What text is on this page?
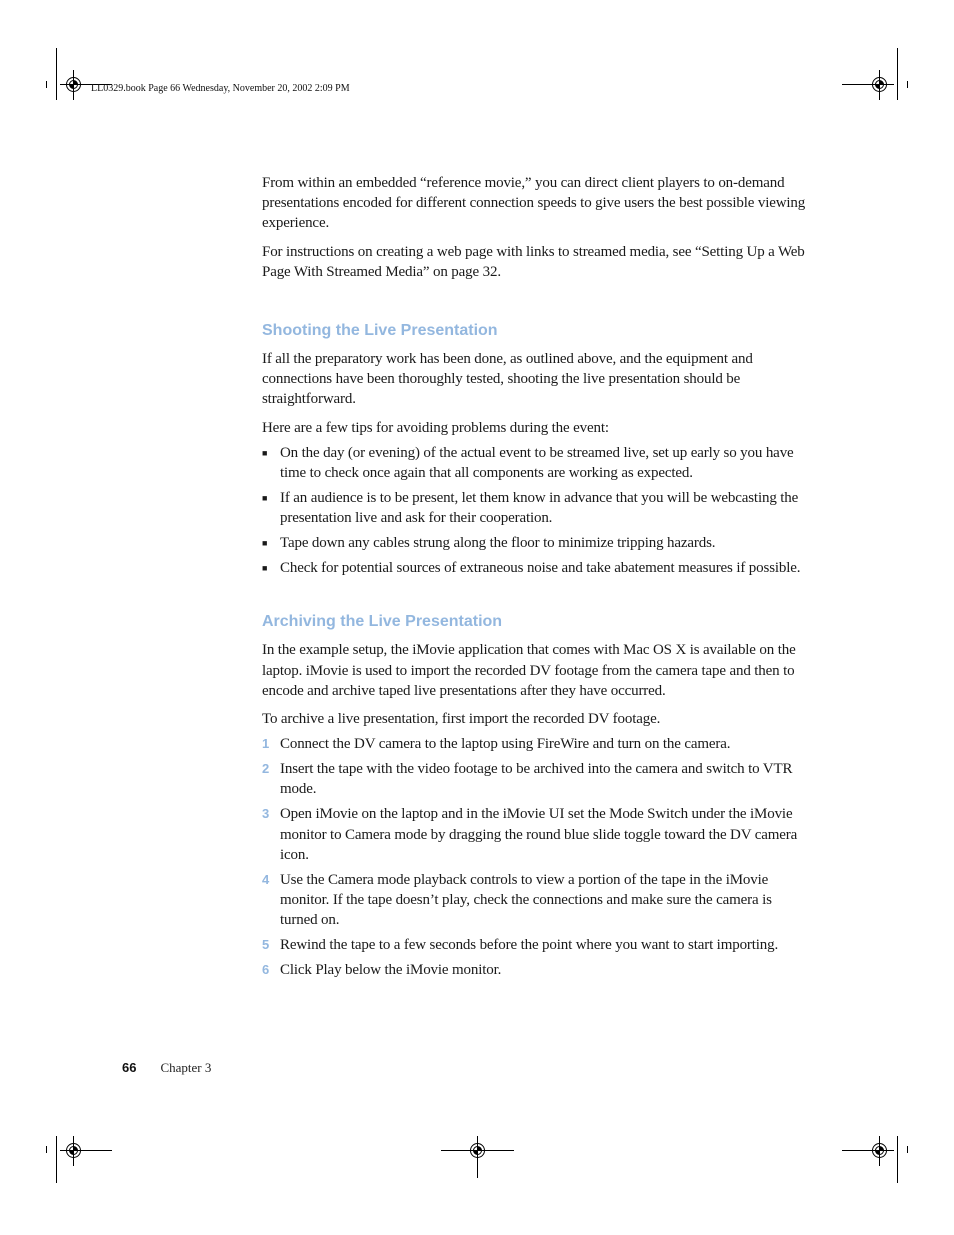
LL0329.book Page 66 Wednesday, November 20, 2002 2:09 PM

From within an embedded “reference movie,” you can direct client players to on-demand presentations encoded for different connection speeds to give users the best possible viewing experience.

For instructions on creating a web page with links to streamed media, see “Setting Up a Web Page With Streamed Media” on page 32.

Shooting the Live Presentation

If all the preparatory work has been done, as outlined above, and the equipment and connections have been thoroughly tested, shooting the live presentation should be straightforward.

Here are a few tips for avoiding problems during the event:

■ On the day (or evening) of the actual event to be streamed live, set up early so you have time to check once again that all components are working as expected.
■ If an audience is to be present, let them know in advance that you will be webcasting the presentation live and ask for their cooperation.
■ Tape down any cables strung along the floor to minimize tripping hazards.
■ Check for potential sources of extraneous noise and take abatement measures if possible.
Archiving the Live Presentation

In the example setup, the iMovie application that comes with Mac OS X is available on the laptop. iMovie is used to import the recorded DV footage from the camera tape and then to encode and archive taped live presentations after they have occurred.

To archive a live presentation, first import the recorded DV footage.

1 Connect the DV camera to the laptop using FireWire and turn on the camera.
2 Insert the tape with the video footage to be archived into the camera and switch to VTR mode.
3 Open iMovie on the laptop and in the iMovie UI set the Mode Switch under the iMovie monitor to Camera mode by dragging the round blue slide toggle toward the DV camera icon.
4 Use the Camera mode playback controls to view a portion of the tape in the iMovie monitor. If the tape doesn’t play, check the connections and make sure the camera is turned on.
5 Rewind the tape to a few seconds before the point where you want to start importing.
6 Click Play below the iMovie monitor.
66 Chapter 3
